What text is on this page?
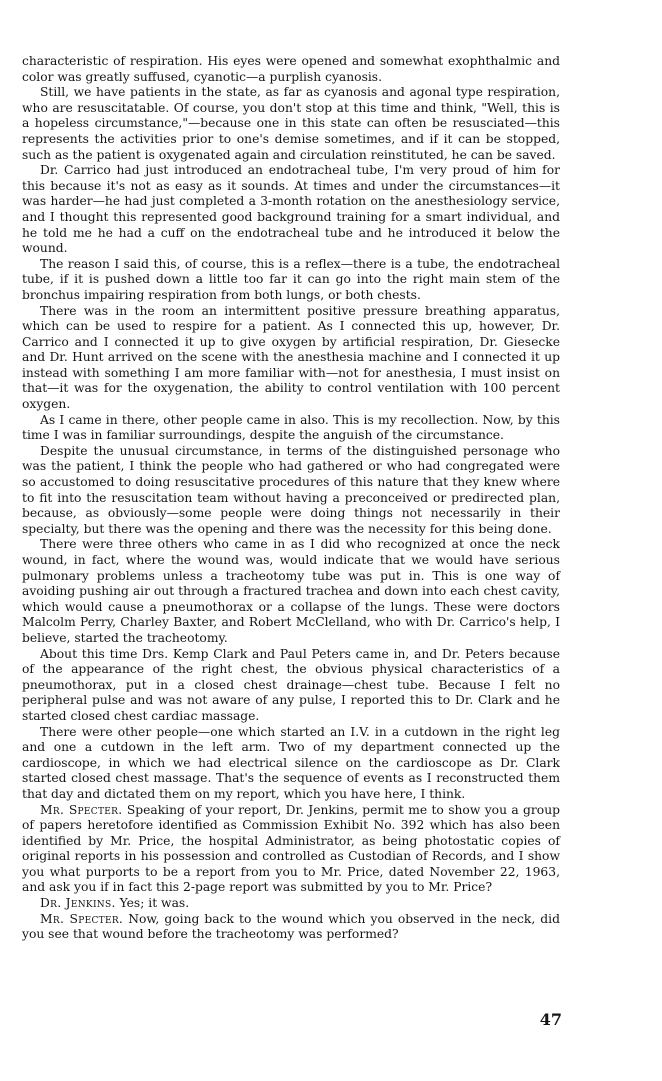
characteristic of respiration. His eyes were opened and somewhat exophthalmic and color was greatly suffused, cyanotic—a purplish cyanosis.

Still, we have patients in the state, as far as cyanosis and agonal type respiration, who are resuscitatable. Of course, you don't stop at this time and think, "Well, this is a hopeless circumstance,"—because one in this state can often be resusciated—this represents the activities prior to one's demise sometimes, and if it can be stopped, such as the patient is oxygenated again and circulation reinstituted, he can be saved.

Dr. Carrico had just introduced an endotracheal tube, I'm very proud of him for this because it's not as easy as it sounds. At times and under the circumstances—it was harder—he had just completed a 3-month rotation on the anesthesiology service, and I thought this represented good background training for a smart individual, and he told me he had a cuff on the endotracheal tube and he introduced it below the wound.

The reason I said this, of course, this is a reflex—there is a tube, the endotracheal tube, if it is pushed down a little too far it can go into the right main stem of the bronchus impairing respiration from both lungs, or both chests.

There was in the room an intermittent positive pressure breathing apparatus, which can be used to respire for a patient. As I connected this up, however, Dr. Carrico and I connected it up to give oxygen by artificial respiration, Dr. Giesecke and Dr. Hunt arrived on the scene with the anesthesia machine and I connected it up instead with something I am more familiar with—not for anesthesia, I must insist on that—it was for the oxygenation, the ability to control ventilation with 100 percent oxygen.

As I came in there, other people came in also. This is my recollection. Now, by this time I was in familiar surroundings, despite the anguish of the circumstance.

Despite the unusual circumstance, in terms of the distinguished personage who was the patient, I think the people who had gathered or who had congregated were so accustomed to doing resuscitative procedures of this nature that they knew where to fit into the resuscitation team without having a preconceived or predirected plan, because, as obviously—some people were doing things not necessarily in their specialty, but there was the opening and there was the necessity for this being done.

There were three others who came in as I did who recognized at once the neck wound, in fact, where the wound was, would indicate that we would have serious pulmonary problems unless a tracheotomy tube was put in. This is one way of avoiding pushing air out through a fractured trachea and down into each chest cavity, which would cause a pneumothorax or a collapse of the lungs. These were doctors Malcolm Perry, Charley Baxter, and Robert McClelland, who with Dr. Carrico's help, I believe, started the tracheotomy.

About this time Drs. Kemp Clark and Paul Peters came in, and Dr. Peters because of the appearance of the right chest, the obvious physical characteristics of a pneumothorax, put in a closed chest drainage—chest tube. Because I felt no peripheral pulse and was not aware of any pulse, I reported this to Dr. Clark and he started closed chest cardiac massage.

There were other people—one which started an I.V. in a cutdown in the right leg and one a cutdown in the left arm. Two of my department connected up the cardioscope, in which we had electrical silence on the cardioscope as Dr. Clark started closed chest massage. That's the sequence of events as I reconstructed them that day and dictated them on my report, which you have here, I think.

Mr. Specter. Speaking of your report, Dr. Jenkins, permit me to show you a group of papers heretofore identified as Commission Exhibit No. 392 which has also been identified by Mr. Price, the hospital Administrator, as being photostatic copies of original reports in his possession and controlled as Custodian of Records, and I show you what purports to be a report from you to Mr. Price, dated November 22, 1963, and ask you if in fact this 2-page report was submitted by you to Mr. Price?

Dr. Jenkins. Yes; it was.

Mr. Specter. Now, going back to the wound which you observed in the neck, did you see that wound before the tracheotomy was performed?

47
